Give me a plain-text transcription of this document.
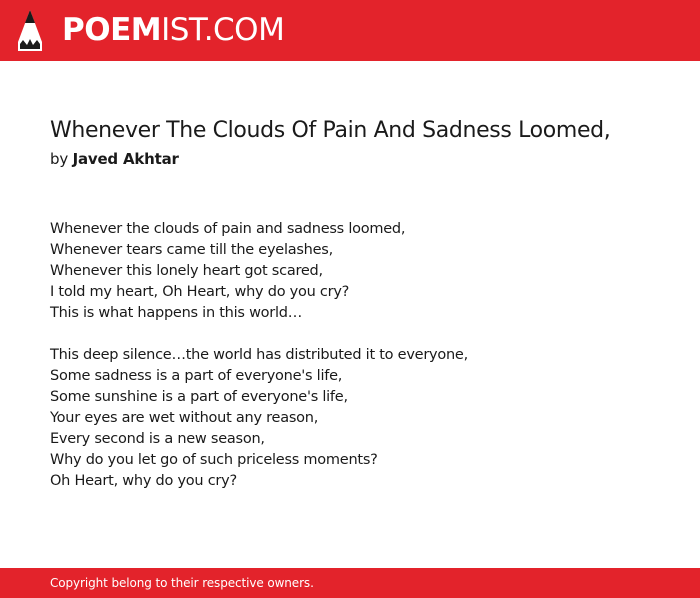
POEMIST.COM
Whenever The Clouds Of Pain And Sadness Loomed,
by Javed Akhtar
Whenever the clouds of pain and sadness loomed,
Whenever tears came till the eyelashes,
Whenever this lonely heart got scared,
I told my heart, Oh Heart, why do you cry?
This is what happens in this world…
This deep silence…the world has distributed it to everyone,
Some sadness is a part of everyone's life,
Some sunshine is a part of everyone's life,
Your eyes are wet without any reason,
Every second is a new season,
Why do you let go of such priceless moments?
Oh Heart, why do you cry?
Copyright belong to their respective owners.
